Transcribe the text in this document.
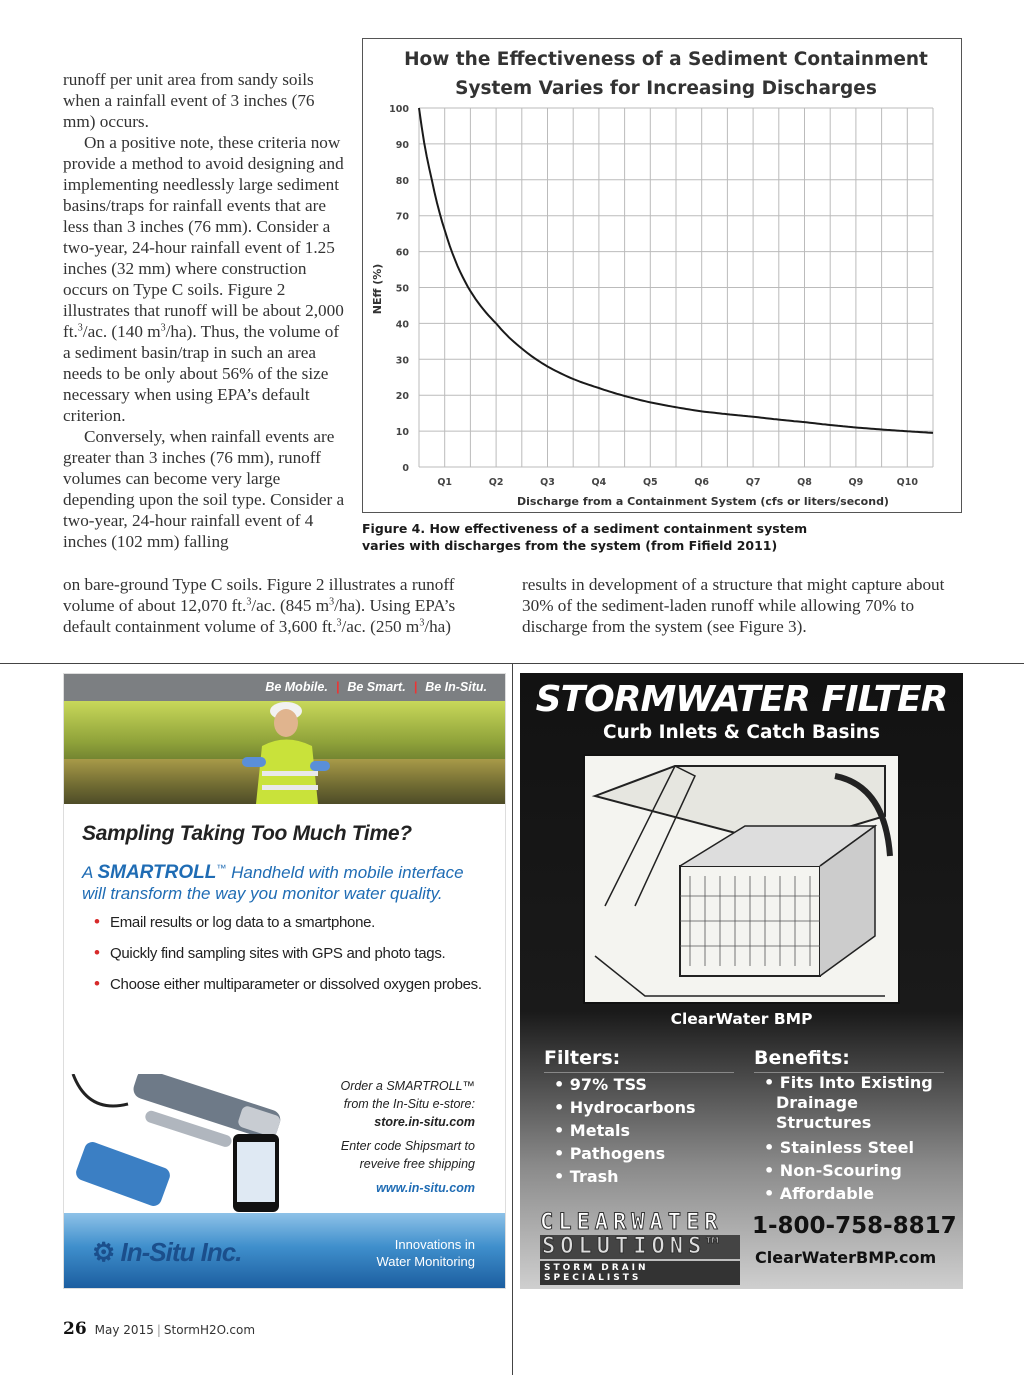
runoff per unit area from sandy soils when a rainfall event of 3 inches (76 mm) occurs.

On a positive note, these criteria now provide a method to avoid designing and implementing needlessly large sediment basins/traps for rainfall events that are less than 3 inches (76 mm). Consider a two-year, 24-hour rainfall event of 1.25 inches (32 mm) where construction occurs on Type C soils. Figure 2 illustrates that runoff will be about 2,000 ft.$^3$/ac. (140 $m^3/ha$). Thus, the volume of a sediment basin/trap in such an area needs to be only about 56% of the size necessary when using EPA’s default criterion.

Conversely, when rainfall events are greater than 3 inches (76 mm), runoff volumes can become very large depending upon the soil type. Consider a two-year, 24-hour rainfall event of 4 inches (102 mm) falling

How the Effectiveness of a Sediment Containment
System Varies for Increasing Discharges
0
10
20
30
40
50
60
70
80
90
100
Q1	Q2	Q3	Q4	Q5	Q6	Q7	Q8	Q9	Q10
NEff (%)
Discharge from a Containment System (cfs or liters/second)
Figure 4. How effectiveness of a sediment containment system
varies with discharges from the system (from Fifield 2011)

on bare-ground Type C soils. Figure 2 illustrates a runoff volume of about 12,070 ft.$^3$/ac. (845 $m^3/ha$). Using EPA’s default containment volume of 3,600 ft.$^3$/ac. (250 $m^3/ha$)

results in development of a structure that might capture about 30% of the sediment-laden runoff while allowing 70% to discharge from the system (see Figure 3).

Be Mobile. | Be Smart. | Be In-Situ.
Sampling Taking Too Much Time?
A SMARTROLL™ Handheld with mobile interface will transform the way you monitor water quality.
• Email results or log data to a smartphone.
• Quickly find sampling sites with GPS and photo tags.
• Choose either multiparameter or dissolved oxygen probes.
Order a SMARTROLL™
from the In-Situ e-store:
store.in-situ.com
Enter code Shipsmart to
reveive free shipping
www.in-situ.com
⚙ In-Situ Inc.	Innovations in
Water Monitoring
STORMWATER FILTER
Curb Inlets & Catch Basins
ClearWater BMP
Filters:
• 97% TSS
• Hydrocarbons
• Metals
• Pathogens
• Trash
Benefits:
• Fits Into Existing Drainage Structures
• Stainless Steel
• Non-Scouring
• Affordable
CLEARWATER
SOLUTIONS™
STORM DRAIN SPECIALISTS
1-800-758-8817
ClearWaterBMP.com
26 May 2015 | StormH2O.com
